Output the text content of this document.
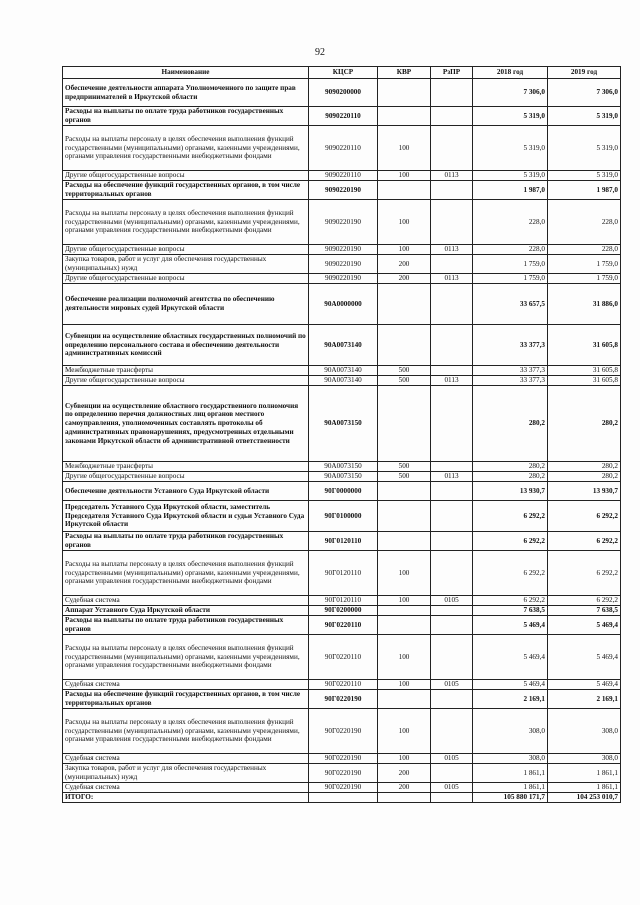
92
Наименование	КЦСР	КВР	РзПР	2018 год	2019 год
Обеспечение деятельности аппарата Уполномоченного по защите прав предпринимателей в Иркутской области	9090200000			7 306,0	7 306,0
Расходы на выплаты по оплате труда работников государственных органов	9090220110			5 319,0	5 319,0
Расходы на выплаты персоналу в целях обеспечения выполнения функций государственными (муниципальными) органами, казенными учреждениями, органами управления государственными внебюджетными фондами	9090220110	100		5 319,0	5 319,0
Другие общегосударственные вопросы	9090220110	100	0113	5 319,0	5 319,0
Расходы на обеспечение функций государственных органов, в том числе территориальных органов	9090220190			1 987,0	1 987,0
Расходы на выплаты персоналу в целях обеспечения выполнения функций государственными (муниципальными) органами, казенными учреждениями, органами управления государственными внебюджетными фондами	9090220190	100		228,0	228,0
Другие общегосударственные вопросы	9090220190	100	0113	228,0	228,0
Закупка товаров, работ и услуг для обеспечения государственных (муниципальных) нужд	9090220190	200		1 759,0	1 759,0
Другие общегосударственные вопросы	9090220190	200	0113	1 759,0	1 759,0
Обеспечение реализации полномочий агентства по обеспечению деятельности мировых судей Иркутской области	90А0000000			33 657,5	31 886,0
Субвенции на осуществление областных государственных полномочий по определению персонального состава и обеспечению деятельности административных комиссий	90А0073140			33 377,3	31 605,8
Межбюджетные трансферты	90А0073140	500		33 377,3	31 605,8
Другие общегосударственные вопросы	90А0073140	500	0113	33 377,3	31 605,8
Субвенции на осуществление областного государственного полномочия по определению перечня должностных лиц органов местного самоуправления, уполномоченных составлять протоколы об административных правонарушениях, предусмотренных отдельными законами Иркутской области об административной ответственности	90А0073150			280,2	280,2
Межбюджетные трансферты	90А0073150	500		280,2	280,2
Другие общегосударственные вопросы	90А0073150	500	0113	280,2	280,2
Обеспечение деятельности Уставного Суда Иркутской области	90Г0000000			13 930,7	13 930,7
Председатель Уставного Суда Иркутской области, заместитель Председателя Уставного Суда Иркутской области и судьи Уставного Суда Иркутской области	90Г0100000			6 292,2	6 292,2
Расходы на выплаты по оплате труда работников государственных органов	90Г0120110			6 292,2	6 292,2
Расходы на выплаты персоналу в целях обеспечения выполнения функций государственными (муниципальными) органами, казенными учреждениями, органами управления государственными внебюджетными фондами	90Г0120110	100		6 292,2	6 292,2
Судебная система	90Г0120110	100	0105	6 292,2	6 292,2
Аппарат Уставного Суда Иркутской области	90Г0200000			7 638,5	7 638,5
Расходы на выплаты по оплате труда работников государственных органов	90Г0220110			5 469,4	5 469,4
Расходы на выплаты персоналу в целях обеспечения выполнения функций государственными (муниципальными) органами, казенными учреждениями, органами управления государственными внебюджетными фондами	90Г0220110	100		5 469,4	5 469,4
Судебная система	90Г0220110	100	0105	5 469,4	5 469,4
Расходы на обеспечение функций государственных органов, в том числе территориальных органов	90Г0220190			2 169,1	2 169,1
Расходы на выплаты персоналу в целях обеспечения выполнения функций государственными (муниципальными) органами, казенными учреждениями, органами управления государственными внебюджетными фондами	90Г0220190	100		308,0	308,0
Судебная система	90Г0220190	100	0105	308,0	308,0
Закупка товаров, работ и услуг для обеспечения государственных (муниципальных) нужд	90Г0220190	200		1 861,1	1 861,1
Судебная система	90Г0220190	200	0105	1 861,1	1 861,1
ИТОГО:				105 880 171,7	104 253 010,7
